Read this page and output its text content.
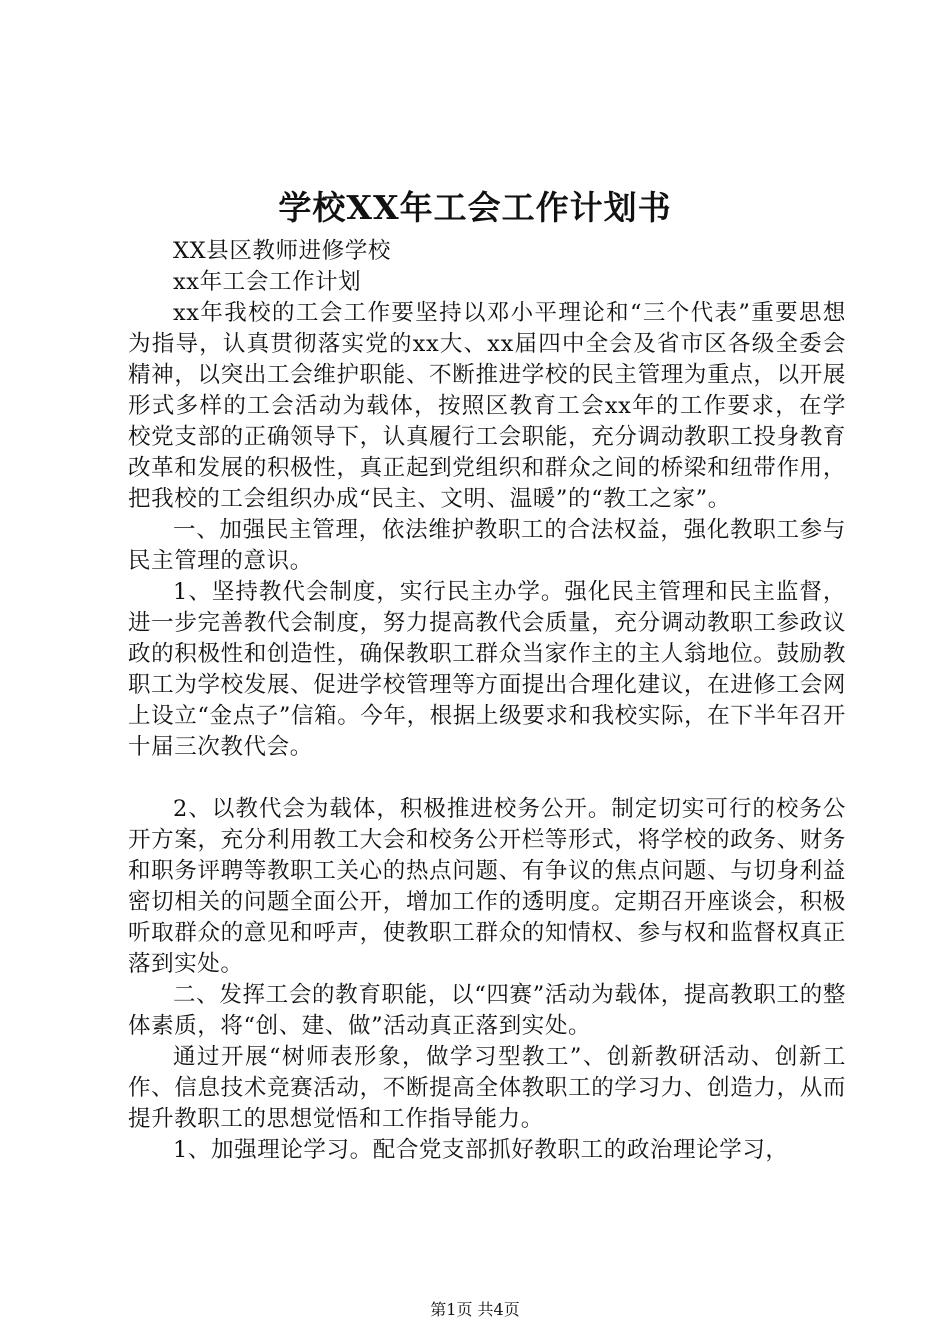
学校XX年工会工作计划书

XX县区教师进修学校

xx年工会工作计划

xx年我校的工会工作要坚持以邓小平理论和“三个代表”重要思想为指导，认真贯彻落实党的xx大、xx届四中全会及省市区各级全委会精神，以突出工会维护职能、不断推进学校的民主管理为重点，以开展形式多样的工会活动为载体，按照区教育工会xx年的工作要求，在学校党支部的正确领导下，认真履行工会职能，充分调动教职工投身教育改革和发展的积极性，真正起到党组织和群众之间的桥梁和纽带作用，把我校的工会组织办成“民主、文明、温暖”的“教工之家”。

一、加强民主管理，依法维护教职工的合法权益，强化教职工参与民主管理的意识。

1、坚持教代会制度，实行民主办学。强化民主管理和民主监督，进一步完善教代会制度，努力提高教代会质量，充分调动教职工参政议政的积极性和创造性，确保教职工群众当家作主的主人翁地位。鼓励教职工为学校发展、促进学校管理等方面提出合理化建议，在进修工会网上设立“金点子”信箱。今年，根据上级要求和我校实际，在下半年召开十届三次教代会。

2、以教代会为载体，积极推进校务公开。制定切实可行的校务公开方案，充分利用教工大会和校务公开栏等形式，将学校的政务、财务和职务评聘等教职工关心的热点问题、有争议的焦点问题、与切身利益密切相关的问题全面公开，增加工作的透明度。定期召开座谈会，积极听取群众的意见和呼声，使教职工群众的知情权、参与权和监督权真正落到实处。

二、发挥工会的教育职能，以“四赛”活动为载体，提高教职工的整体素质，将“创、建、做”活动真正落到实处。

通过开展“树师表形象，做学习型教工”、创新教研活动、创新工作、信息技术竞赛活动，不断提高全体教职工的学习力、创造力，从而提升教职工的思想觉悟和工作指导能力。

1、加强理论学习。配合党支部抓好教职工的政治理论学习，

第1页 共4页
